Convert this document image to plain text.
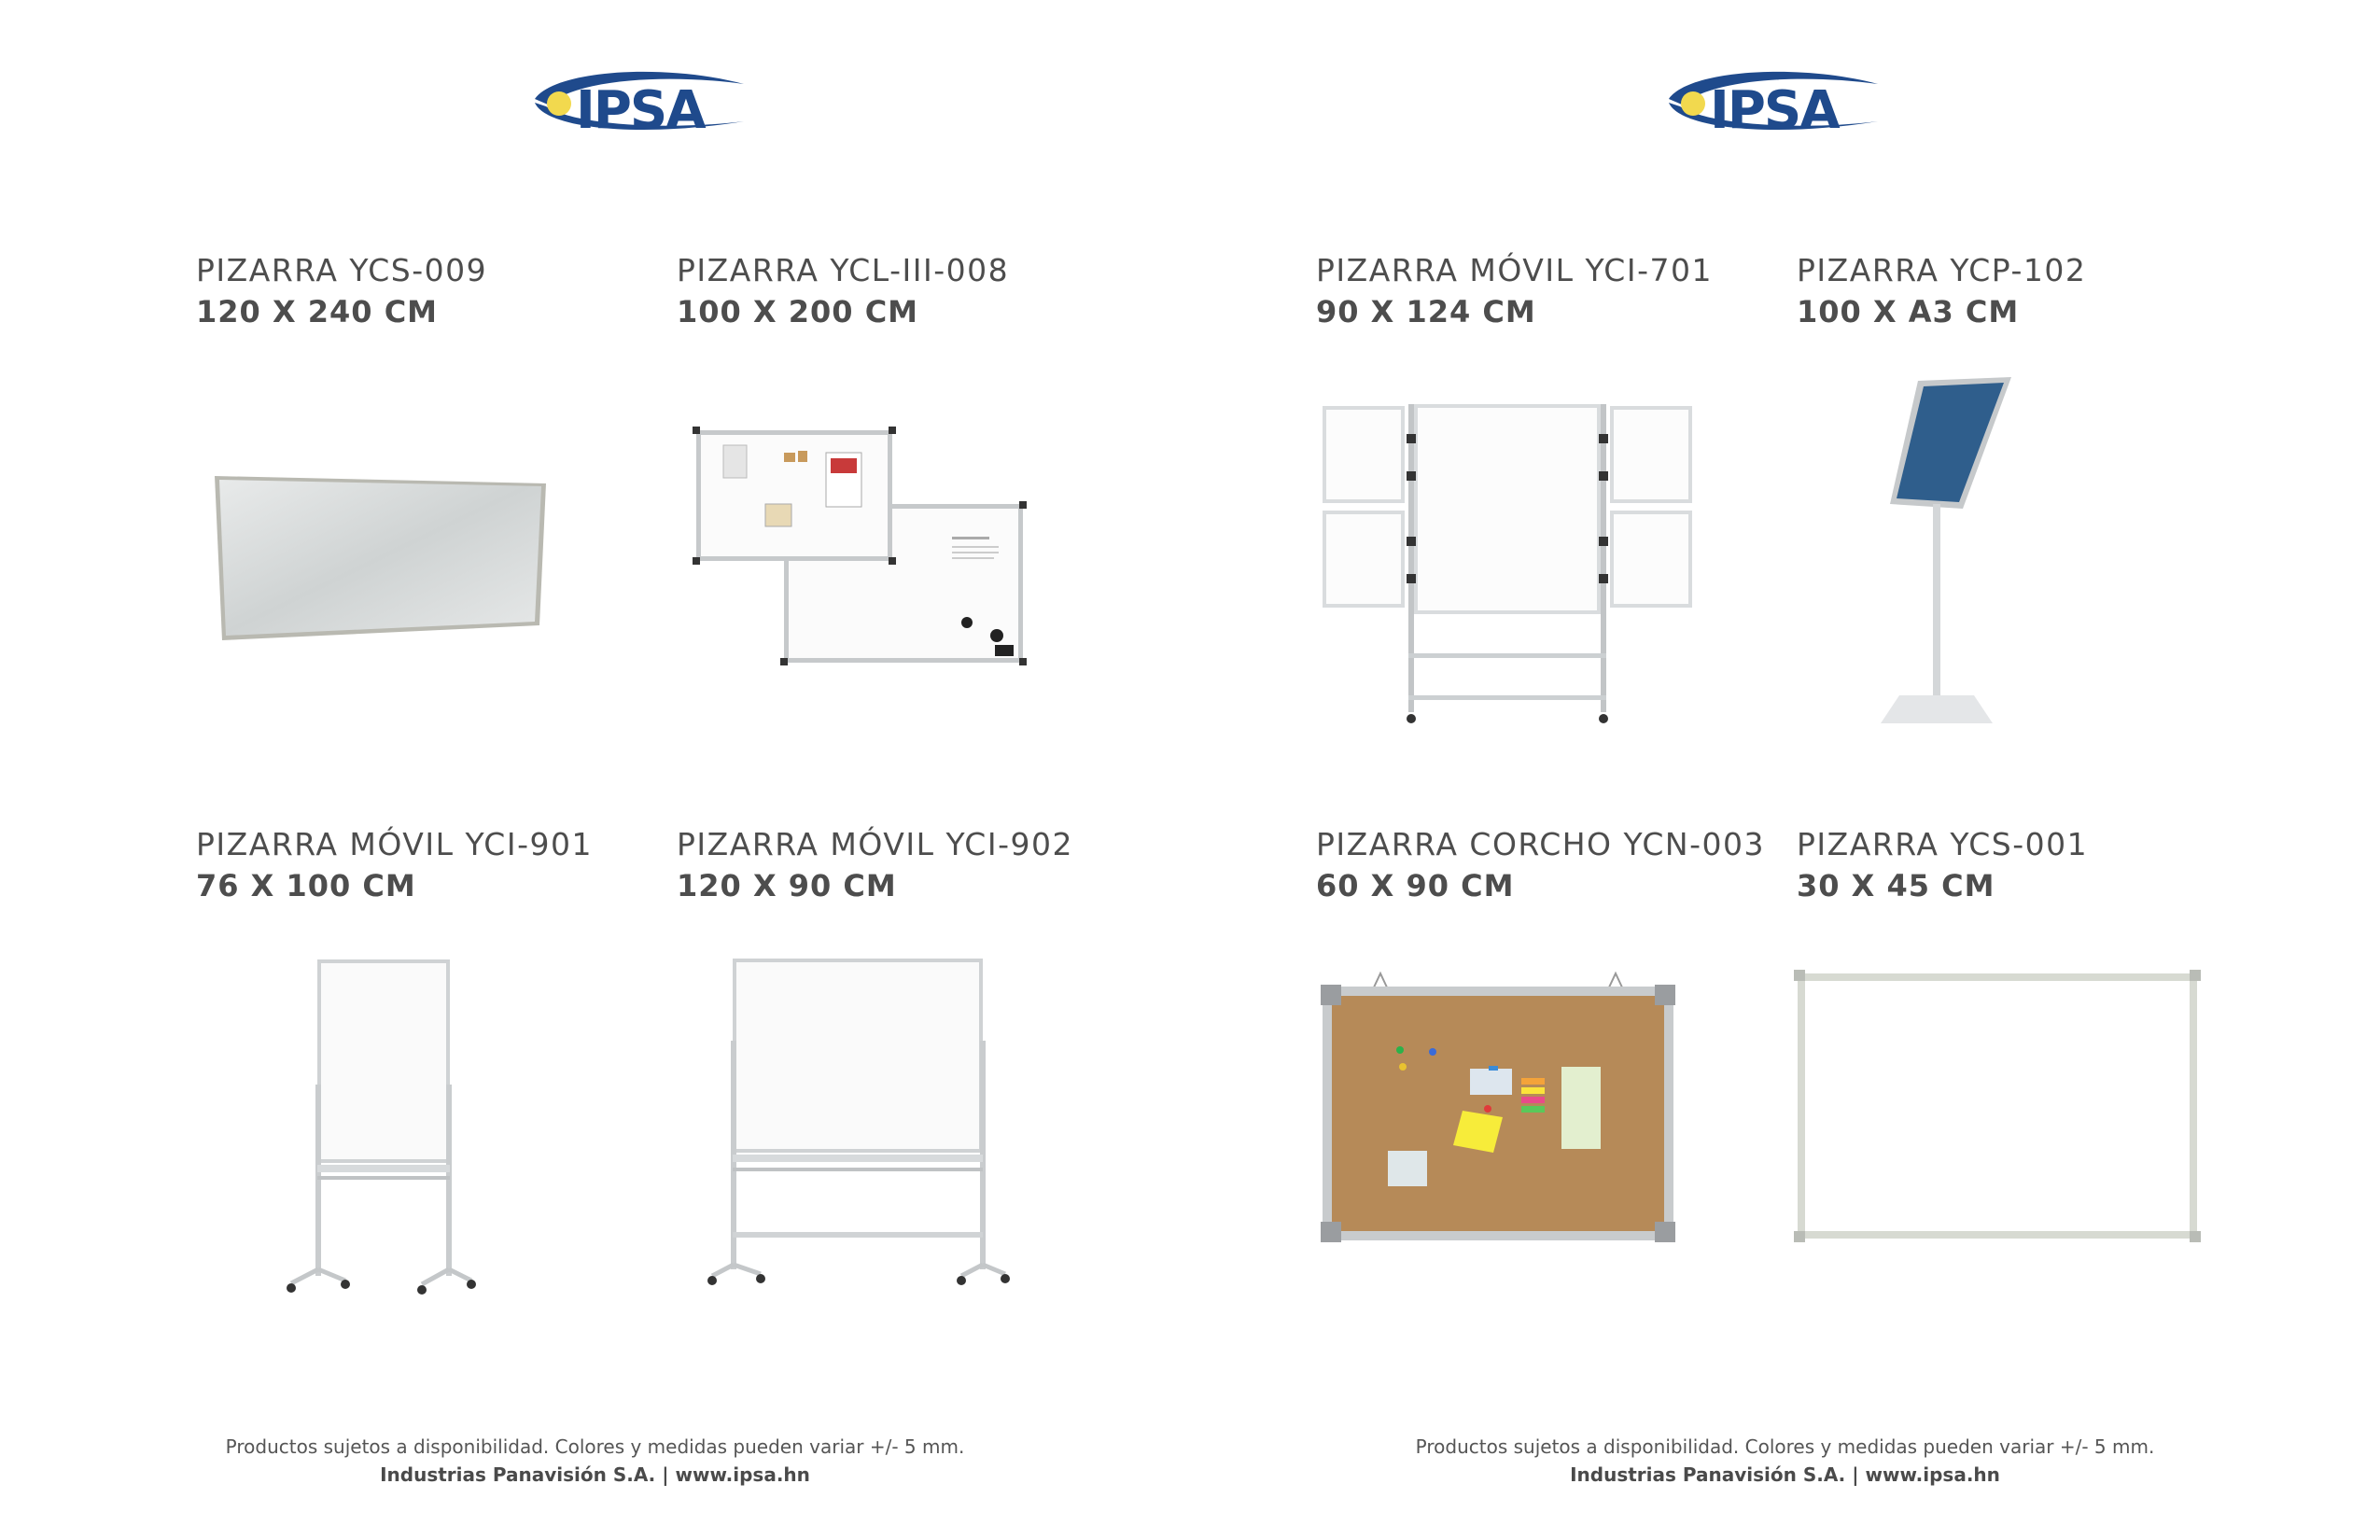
IPSA
PIZARRA YCS-009
120 X 240 CM
PIZARRA YCL-III-008
100 X 200 CM
PIZARRA MÓVIL YCI-901
76 X 100 CM
PIZARRA MÓVIL YCI-902
120 X 90 CM
Productos sujetos a disponibilidad. Colores y medidas pueden variar +/- 5 mm.
Industrias Panavisión S.A. | www.ipsa.hn
IPSA
PIZARRA MÓVIL YCI-701
90 X 124 CM
PIZARRA YCP-102
100 X A3 CM
PIZARRA CORCHO YCN-003
60 X 90 CM
PIZARRA YCS-001
30 X 45 CM
Productos sujetos a disponibilidad. Colores y medidas pueden variar +/- 5 mm.
Industrias Panavisión S.A. | www.ipsa.hn
